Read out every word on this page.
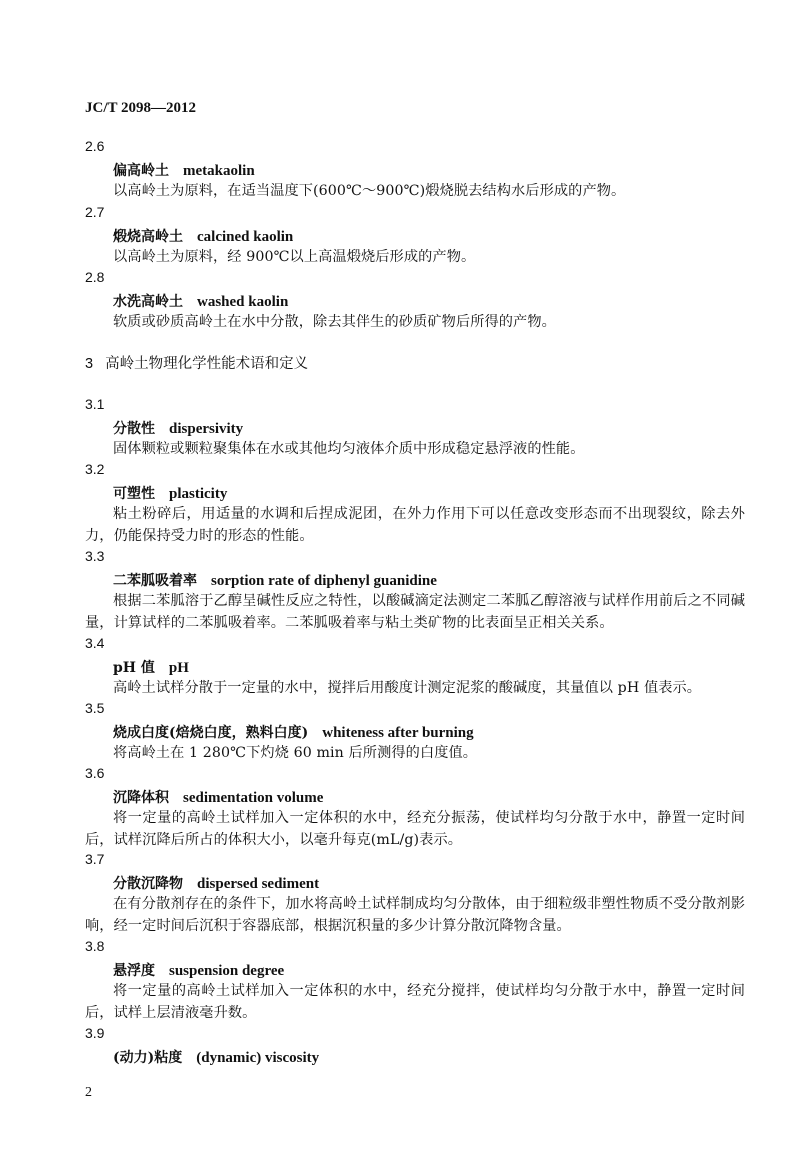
JC/T 2098—2012
3 高岭土物理化学性能术语和定义
2.6
偏高岭土 metakaolin
以高岭土为原料，在适当温度下(600℃～900℃)煅烧脱去结构水后形成的产物。
2.7
煅烧高岭土 calcined kaolin
以高岭土为原料，经 900℃以上高温煅烧后形成的产物。
2.8
水洗高岭土 washed kaolin
软质或砂质高岭土在水中分散，除去其伴生的砂质矿物后所得的产物。
3.1
分散性 dispersivity
固体颗粒或颗粒聚集体在水或其他均匀液体介质中形成稳定悬浮液的性能。
3.2
可塑性 plasticity
粘土粉碎后，用适量的水调和后捏成泥团，在外力作用下可以任意改变形态而不出现裂纹，除去外力，仍能保持受力时的形态的性能。
3.3
二苯胍吸着率 sorption rate of diphenyl guanidine
根据二苯胍溶于乙醇呈碱性反应之特性，以酸碱滴定法测定二苯胍乙醇溶液与试样作用前后之不同碱量，计算试样的二苯胍吸着率。二苯胍吸着率与粘土类矿物的比表面呈正相关关系。
3.4
pH 值 pH
高岭土试样分散于一定量的水中，搅拌后用酸度计测定泥浆的酸碱度，其量值以 pH 值表示。
3.5
烧成白度(焙烧白度，熟料白度) whiteness after burning
将高岭土在 1 280℃下灼烧 60 min 后所测得的白度值。
3.6
沉降体积 sedimentation volume
将一定量的高岭土试样加入一定体积的水中，经充分振荡，使试样均匀分散于水中，静置一定时间后，试样沉降后所占的体积大小，以毫升每克(mL/g)表示。
3.7
分散沉降物 dispersed sediment
在有分散剂存在的条件下，加水将高岭土试样制成均匀分散体，由于细粒级非塑性物质不受分散剂影响，经一定时间后沉积于容器底部，根据沉积量的多少计算分散沉降物含量。
3.8
悬浮度 suspension degree
将一定量的高岭土试样加入一定体积的水中，经充分搅拌，使试样均匀分散于水中，静置一定时间后，试样上层清液毫升数。
3.9
(动力)粘度 (dynamic) viscosity
2
